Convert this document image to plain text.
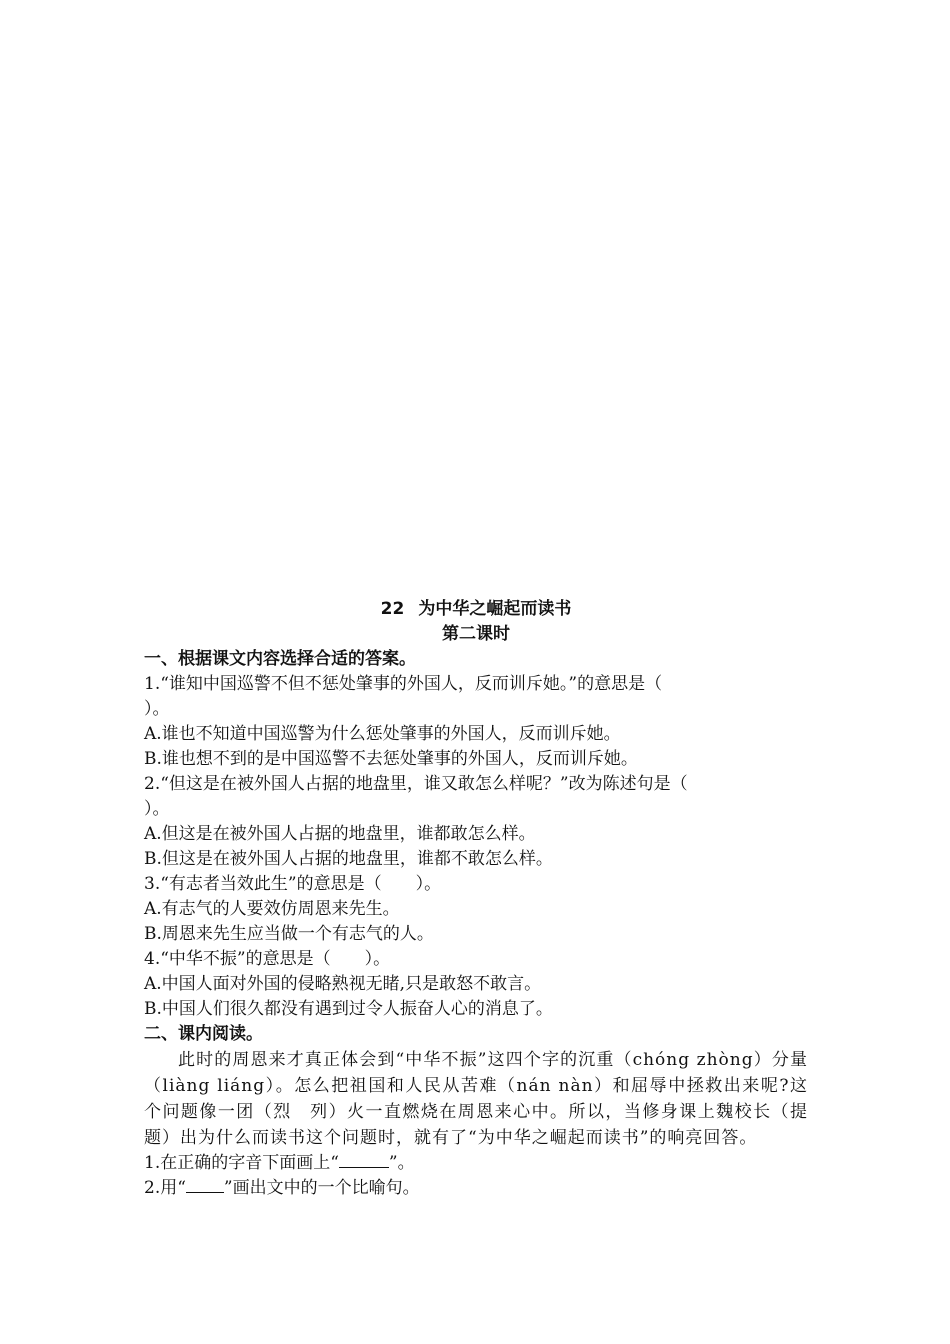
22 为中华之崛起而读书
第二课时
一、根据课文内容选择合适的答案。
1.“谁知中国巡警不但不惩处肇事的外国人，反而训斥她。”的意思是（
）。
A.谁也不知道中国巡警为什么惩处肇事的外国人，反而训斥她。
B.谁也想不到的是中国巡警不去惩处肇事的外国人，反而训斥她。
2.“但这是在被外国人占据的地盘里，谁又敢怎么样呢？”改为陈述句是（
）。
A.但这是在被外国人占据的地盘里，谁都敢怎么样。
B.但这是在被外国人占据的地盘里，谁都不敢怎么样。
3.“有志者当效此生”的意思是（　　）。
A.有志气的人要效仿周恩来先生。
B.周恩来先生应当做一个有志气的人。
4.“中华不振”的意思是（　　）。
A.中国人面对外国的侵略熟视无睹,只是敢怒不敢言。
B.中国人们很久都没有遇到过令人振奋人心的消息了。
二、课内阅读。
此时的周恩来才真正体会到“中华不振”这四个字的沉重（chóng zhòng）分量（liàng liáng）。怎么把祖国和人民从苦难（nán nàn）和屈辱中拯救出来呢?这个问题像一团（烈　列）火一直燃烧在周恩来心中。所以，当修身课上魏校长（提　题）出为什么而读书这个问题时，就有了“为中华之崛起而读书”的响亮回答。
1.在正确的字音下面画上“	”。
2.用“ ”画出文中的一个比喻句。
